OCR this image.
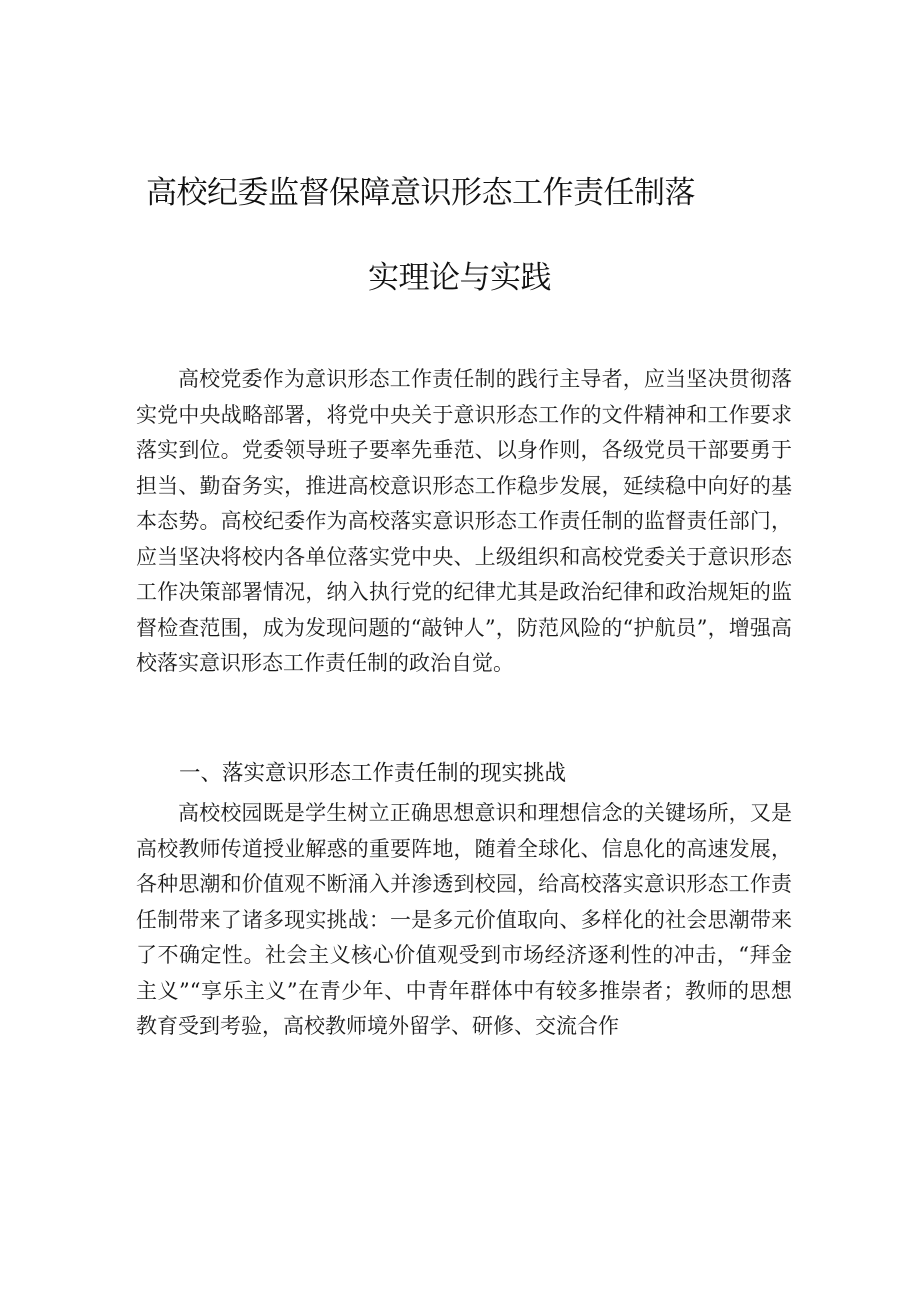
高校纪委监督保障意识形态工作责任制落
实理论与实践

高校党委作为意识形态工作责任制的践行主导者，应当坚决贯彻落实党中央战略部署，将党中央关于意识形态工作的文件精神和工作要求落实到位。党委领导班子要率先垂范、以身作则，各级党员干部要勇于担当、勤奋务实，推进高校意识形态工作稳步发展，延续稳中向好的基本态势。高校纪委作为高校落实意识形态工作责任制的监督责任部门，应当坚决将校内各单位落实党中央、上级组织和高校党委关于意识形态工作决策部署情况，纳入执行党的纪律尤其是政治纪律和政治规矩的监督检查范围，成为发现问题的“敲钟人”，防范风险的“护航员”，增强高校落实意识形态工作责任制的政治自觉。

一、落实意识形态工作责任制的现实挑战

高校校园既是学生树立正确思想意识和理想信念的关键场所，又是高校教师传道授业解惑的重要阵地，随着全球化、信息化的高速发展，各种思潮和价值观不断涌入并渗透到校园，给高校落实意识形态工作责任制带来了诸多现实挑战：一是多元价值取向、多样化的社会思潮带来了不确定性。社会主义核心价值观受到市场经济逐利性的冲击，“拜金主义”“享乐主义”在青少年、中青年群体中有较多推崇者；教师的思想教育受到考验，高校教师境外留学、研修、交流合作
